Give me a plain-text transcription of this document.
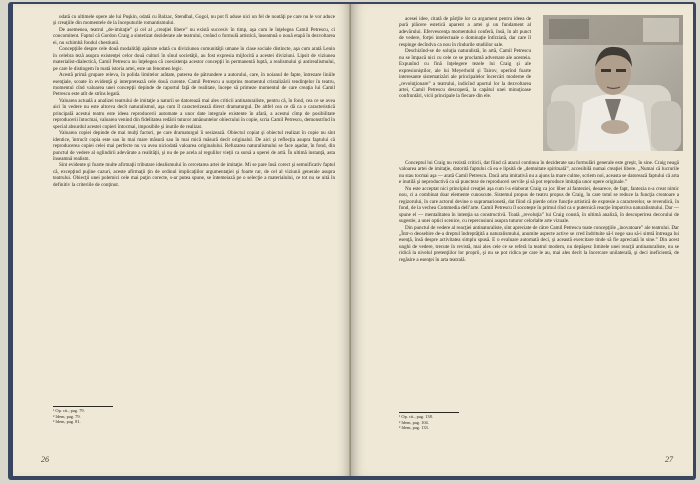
odată cu ultimele opere ale lui Puşkin, odată cu Balzac, Stendhal, Gogol, nu pot fi aduse nici un fel de noutăţi pe care nu le vor aduce şi creaţiile din momentele de la începuturile romantismului.

De asemenea, teatrul „de-imitaţie” şi cel al „creaţiei libere” nu există succesiv în timp, aşa cum le înţelegea Camil Petrescu, ci concomitent. Faptul că Gordon Craig a sintetizat deziderate ale teatrului, creând o formulă artistică, înseamnă o nouă etapă în dezvoltarea ei, nu schimbă fondul chestiunii.

Concepţiile despre cele două modalităţi apărute odată cu diviziunea comunităţii umane în clase sociale distincte, aşa cum arată Lenin în celebra teză asupra existenţei celor două culturi în sînul societăţii, au fost expresia mijlocită a acestei diviziuni. Lipsit de viziunea materialist-dialectică, Camil Petrescu nu înţelegea că coexistenţa acestor concepţii în permanentă luptă, a realismului şi antirealismului, pe care le distingem în toată istoria artei, este un fenomen legic.

Acestă primă grupare releva, în polida limitelor arătate, puterea de pătrundere a autorului, care, în noianul de fapte, întrezare liniile esenţiale, scoate în evidenţă şi interpretează cele două curente. Camil Petrescu a surprins momentul cristalizării tendinţelor în teatru, momentul cînd valoarea unei concepţii depinde de raportul faţă de realitate, începe să primeze momentul de care creaţia lui Camil Petrescu este atît de strîns legată.

Valoarea actuală a analizei teatrului de imitaţie a naturii se datorează mai ales criticii antinaturaliste, pentru că, în fond, cea ce se avea aici în vedere nu este altceva decît naturalismul, aşa cum îl caracterizează direct dramaturgul. De altfel cea ce dă ca o caracteristică principală acestui teatru este ideea reproducerii automate a unor date integrale existente în afară, a acestui cîmp de posibilitate reproducerii întocmai, valoarea venind din fidelitatea redării tuturor amănuntelor obiectului în copie, scria Camil Petrescu, demonstrînd în special absurdul acestei copieri întocmai, imposibile şi inutile de realizat.

Valoarea copiei depinde de mai mulţi factori, pe care dramaturgul îi sesizează. Obiectul copiat şi obiectul realizat în copie nu sînt identice, întrucît copia este sau în mai mare măsură sau în mai mică măsură decît originalul. De aici şi reflecţia asupra faptului că reproducerea copiei celei mai perfecte nu va avea niciodată valoarea originalului. Refuzarea naturalismului se face aşadar, în fond, din punctul de vedere al oglindirii adevărate a realităţii, şi nu de pe acela al regulilor vieţii ca sursă a operei de artă. În ultimă instanţă, asta înseamnă realism.

Sint evidente şi foarte multe afirmaţii tributare idealismului în cercetarea artei de imitaţie. Mi se pare însă corect şi semnificativ faptul că, excepţind pujine cazuri, aceste afirmaţii ţin de ordinul implicaţiilor argumentaţiei şi foarte rar, de cel al viziunii generale asupra teatrului. Obiecţii unei polemici cele mai puţin corecte, s-ar putea spune, se întemeiază pe o selecţie a materialului, ce tot nu se uită în definitiv la criteriile de conţinut.

¹ Op. cit., pag. 79.
² Idem, pag. 79.
³ Idem, pag. 81.
26

acesei idee, citată de părţile lor ca argument pentru ideea de pură plăcere estetică aparent a artei şi un fundament al adevărului. Efervescenţa momentului conferă, însă, în alt punct de vedere, forţei intelectuale o dominaţie întîrziată, dar care îl respinge decîndva ca nou în rîndurile studiilor sale.

Deschizînd-se de soluţia naturalistă, în artă, Camil Petrescu nu se împacă nici cu cele ce se proclamă adversare ale acesteia. Expunînd cu fină înţelegere tezele lui Craig şi ale expresioniştilor, ale lui Meyerhold şi Tairov, operînd foarte interesante sistematizări ale principalelor încercări moderne de „revoluţionare” a teatrului, indicînd aportul lor la dezvoltarea artei, Camil Petrescu descoperă, la capătul unei minuţioase confruntări, vicii principale la fiecare din ele.

Conceptul lui Craig nu rezistă criticii, dat fiind că atacul continuu în deziderate sau formulări generale este greşit, în sine. Craig neagă valoarea artei de imitaţie, datorită faptului că ea e lipsită de „demnitate spirituală”, accesibilă numai creaţiei libere. „Numai că lucrurile nu stau tocmai aşa — arată Camil Petrescu. Dacă arta imitativă nu a ajuns la mare culme, scriem noi, aceasta se datorează faptului că arta e inutilă şi neproductivă ca să puncteze de reproduceri servile şi să pot reproduce imitaţia unor opere originale.”

Nu este acceptat nici principiul creaţiei aşa cum l-a elaborat Craig ca joc liber al fanteziei, deoarece, de fapt, fantezia n-a creat nimic nou, ci a combinat doar elemente cunoscute. Sistemul propus de teatru propus de Craig, în care totul se reduce la funcţia creatoare a regizorului, în care actorul devine o supramarionetă, dat fiind că pierde orice funcţie artistică de expresie a caracterelor, se revendică, în fond, de la vechea Commedia dell’arte. Camil Petrescu îl socoteşte în primul rînd ca o puternică reacţie împotriva naturalismului. Dar — spune el — mentalitatea în intenţia sa constructivă. Toată „revoluţia” lui Craig constă, în ultimă analiză, în descoperirea decorului de sugestie, a unei optici scenice, cu repercusiuni asupra tuturor celorlalte arte vizuale.

Din punctul de vedere al reacţiei antinaturaliste, sînt apreciate de către Camil Petrescu toate concepţiile „inovatoare” ale teatrului. Dar „Într-o deosebire de-a dreptul îndreptăţită a naturalismului, anumite aspecte active se cred îndrituite să-l nege sau să-i simtă întreaga lui esenţă, însă despre activitatea simplu spusă. E o evaluare automată deci, şi această exercitare tinde să fie apreciată în sine.” Din acest unghi de vedere, trecute în revistă, mai ales cele ce se referă la teatrul modern, nu depăşesc limitele unei reacţii antinaturaliste, nu se ridică la nivelul pretenţiilor lor proprii, şi nu se pot ridica pe care le au, mai ales decît la încercare unilaterală, şi deci ineficientă, de regăsire a esenţei în arta teatrală.

¹ Op. cit., pag. 138.
² Idem, pag. 104.
³ Idem, pag. 133.
27
